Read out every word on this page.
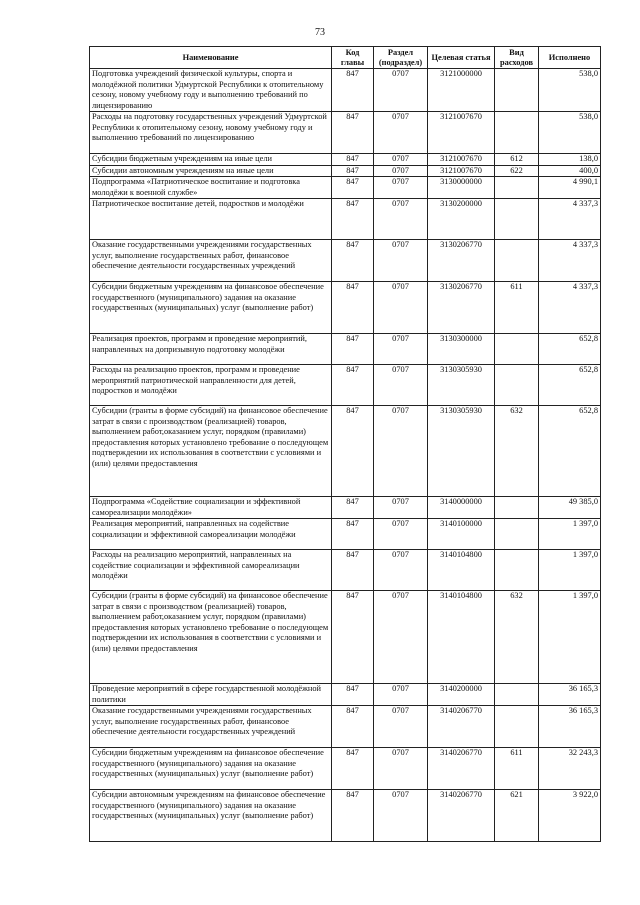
73
Наименование	Код главы	Раздел (подраздел)	Целевая статья	Вид расходов	Исполнено
Подготовка учреждений физической культуры, спорта и молодёжной политики Удмуртской Республики к отопительному сезону, новому учебному году и выполнению требований по лицензированию	847	0707	3121000000		538,0
Расходы на подготовку государственных учреждений Удмуртской Республики к отопительному сезону, новому учебному году и выполнению требований по лицензированию	847	0707	3121007670		538,0
Субсидии бюджетным учреждениям на иные цели	847	0707	3121007670	612	138,0
Субсидии автономным учреждениям на иные цели	847	0707	3121007670	622	400,0
Подпрограмма «Патриотическое воспитание и подготовка молодёжи к военной службе»	847	0707	3130000000		4 990,1
Патриотическое воспитание детей, подростков и молодёжи	847	0707	3130200000		4 337,3
Оказание государственными учреждениями государственных услуг, выполнение государственных работ, финансовое обеспечение деятельности государственных учреждений	847	0707	3130206770		4 337,3
Субсидии бюджетным учреждениям на финансовое обеспечение государственного (муниципального) задания на оказание государственных (муниципальных) услуг (выполнение работ)	847	0707	3130206770	611	4 337,3
Реализация проектов, программ и проведение мероприятий, направленных на допризывную подготовку молодёжи	847	0707	3130300000		652,8
Расходы на реализацию проектов, программ и проведение мероприятий патриотической направленности для детей, подростков и молодёжи	847	0707	3130305930		652,8
Субсидии (гранты в форме субсидий) на финансовое обеспечение затрат в связи с производством (реализацией) товаров, выполнением работ,оказанием услуг, порядком (правилами) предоставления которых установлено требование о последующем подтверждении их использования в соответствии с условиями и (или) целями предоставления	847	0707	3130305930	632	652,8
Подпрограмма «Содействие социализации и эффективной самореализации молодёжи»	847	0707	3140000000		49 385,0
Реализация мероприятий, направленных на содействие социализации и эффективной самореализации молодёжи	847	0707	3140100000		1 397,0
Расходы на реализацию мероприятий, направленных на содействие социализации и эффективной самореализации молодёжи	847	0707	3140104800		1 397,0
Субсидии (гранты в форме субсидий) на финансовое обеспечение затрат в связи с производством (реализацией) товаров, выполнением работ,оказанием услуг, порядком (правилами) предоставления которых установлено требование о последующем подтверждении их использования в соответствии с условиями и (или) целями предоставления	847	0707	3140104800	632	1 397,0
Проведение мероприятий в сфере государственной молодёжной политики	847	0707	3140200000		36 165,3
Оказание государственными учреждениями государственных услуг, выполнение государственных работ, финансовое обеспечение деятельности государственных учреждений	847	0707	3140206770		36 165,3
Субсидии бюджетным учреждениям на финансовое обеспечение государственного (муниципального) задания на оказание государственных (муниципальных) услуг (выполнение работ)	847	0707	3140206770	611	32 243,3
Субсидии автономным учреждениям на финансовое обеспечение государственного (муниципального) задания на оказание государственных (муниципальных) услуг (выполнение работ)	847	0707	3140206770	621	3 922,0
